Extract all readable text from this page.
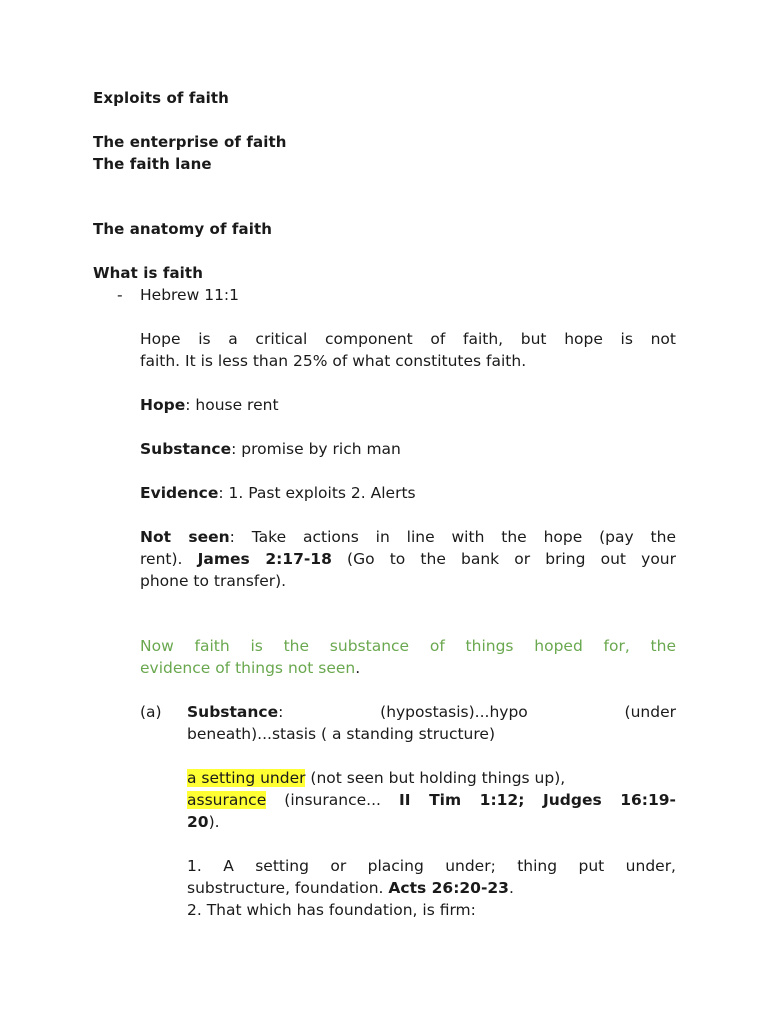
Exploits of faith
The enterprise of faith
The faith lane
The anatomy of faith
What is faith
- Hebrew 11:1
Hope is a critical component of faith, but hope is not
faith. It is less than 25% of what constitutes faith.
Hope: house rent
Substance: promise by rich man
Evidence: 1. Past exploits 2. Alerts
Not seen: Take actions in line with the hope (pay the
rent). James 2:17-18 (Go to the bank or bring out your
phone to transfer).
Now faith is the substance of things hoped for, the
evidence of things not seen.
(a) Substance: (hypostasis)...hypo (under
beneath)...stasis ( a standing structure)
a setting under (not seen but holding things up),
assurance (insurance... II Tim 1:12; Judges 16:19-
20).
1. A setting or placing under; thing put under,
substructure, foundation. Acts 26:20-23.
2. That which has foundation, is firm:
